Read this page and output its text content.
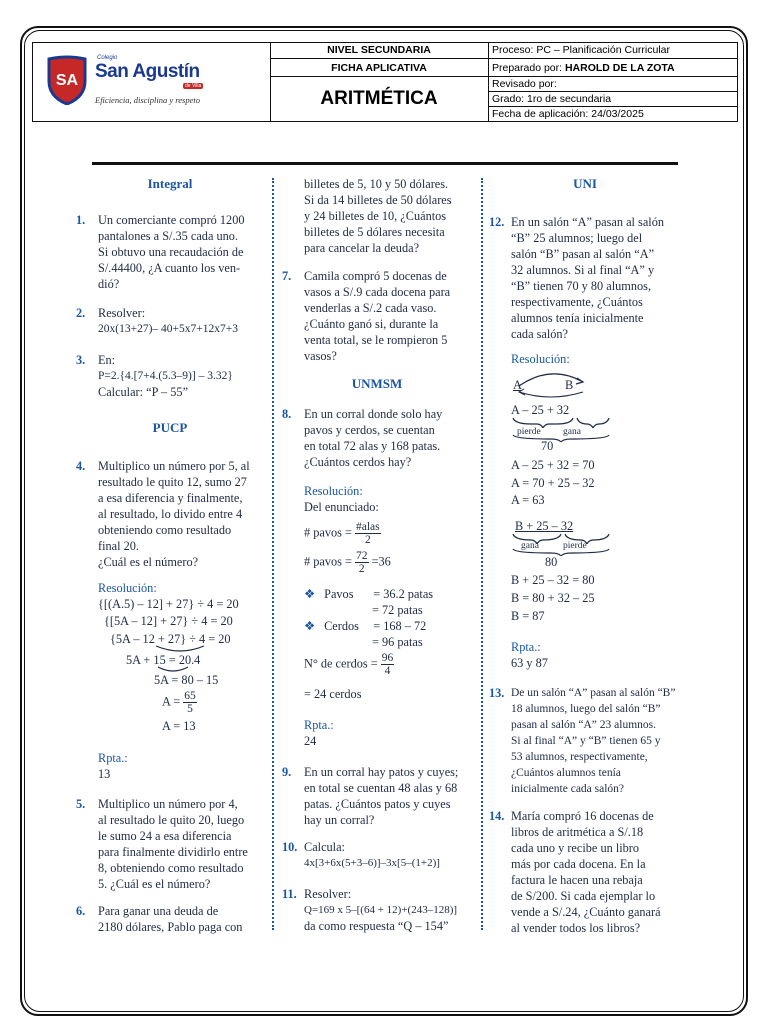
SA
Colegio
San Agustín
de Villa
Eficiencia, disciplina y respeto
NIVEL SECUNDARIA
FICHA APLICATIVA
ARITMÉTICA
Proceso: PC – Planificación Curricular
Preparado por: HAROLD DE LA ZOTA
Revisado por:
Grado: 1ro de secundaria
Fecha de aplicación: 24/03/2025
Integral
1. Un comerciante compró 1200
pantalones a S/.35 cada uno.
Si obtuvo una recaudación de
S/.44400, ¿A cuanto los ven-
dió?
2. Resolver:
20x(13+27)– 40+5x7+12x7+3
3. En:
P=2.{4.[7+4.(5.3–9)] – 3.32}
Calcular: “P – 55”
PUCP
4. Multiplico un número por 5, al
resultado le quito 12, sumo 27
a esa diferencia y finalmente,
al resultado, lo divido entre 4
obteniendo como resultado
final 20.
¿Cuál es el número?
Resolución:
{[(A.5) – 12] + 27} ÷ 4 = 20
{[5A – 12] + 27} ÷ 4 = 20
{5A – 12 + 27} ÷ 4 = 20
5A + 15 = 20.4
5A = 80 – 15
$A = \frac{65}{5}$
A = 13
Rpta.:
13
5. Multiplico un número por 4,
al resultado le quito 20, luego
le sumo 24 a esa diferencia
para finalmente dividirlo entre
8, obteniendo como resultado
5. ¿Cuál es el número?
6. Para ganar una deuda de
2180 dólares, Pablo paga con
billetes de 5, 10 y 50 dólares.
Si da 14 billetes de 50 dólares
y 24 billetes de 10, ¿Cuántos
billetes de 5 dólares necesita
para cancelar la deuda?
7. Camila compró 5 docenas de
vasos a S/.9 cada docena para
venderlas a S/.2 cada vaso.
¿Cuánto ganó si, durante la
venta total, se le rompieron 5
vasos?
UNMSM
8. En un corral donde solo hay
pavos y cerdos, se cuentan
en total 72 alas y 168 patas.
¿Cuántos cerdos hay?
Resolución:
Del enunciado:
# pavos = $\frac{\text{\#alas}}{2}$
# pavos = $\frac{72}{2} =36$
❖ Pavos = 36.2 patas
= 72 patas
❖ Cerdos = 168 – 72
= 96 patas
N° de cerdos = $\frac{96}{4}$
= 24 cerdos
Rpta.:
24
9. En un corral hay patos y cuyes;
en total se cuentan 48 alas y 68
patas. ¿Cuántos patos y cuyes
hay un corral?
10. Calcula:
4x[3+6x(5+3–6)]–3x[5–(1+2)]
11. Resolver:
Q=169 x 5–[(64 + 12)+(243–128)]
da como respuesta “Q – 154”
UNI
12. En un salón “A” pasan al salón
“B” 25 alumnos; luego del
salón “B” pasan al salón “A”
32 alumnos. Si al final “A” y
“B” tienen 70 y 80 alumnos,
respectivamente, ¿Cuántos
alumnos tenía inicialmente
cada salón?
Resolución:
A	B
A – 25 + 32
pierde gana
70
A – 25 + 32 = 70
A = 70 + 25 – 32
A = 63
B + 25 – 32
gana	pierde
80
B + 25 – 32 = 80
B = 80 + 32 – 25
B = 87
Rpta.:
63 y 87
13. De un salón “A” pasan al salón “B”
18 alumnos, luego del salón “B”
pasan al salón “A” 23 alumnos.
Si al final “A” y “B” tienen 65 y
53 alumnos, respectivamente,
¿Cuántos alumnos tenía
inicialmente cada salón?
14. María compró 16 docenas de
libros de aritmética a S/.18
cada uno y recibe un libro
más por cada docena. En la
factura le hacen una rebaja
de S/200. Si cada ejemplar lo
vende a S/.24, ¿Cuánto ganará
al vender todos los libros?
